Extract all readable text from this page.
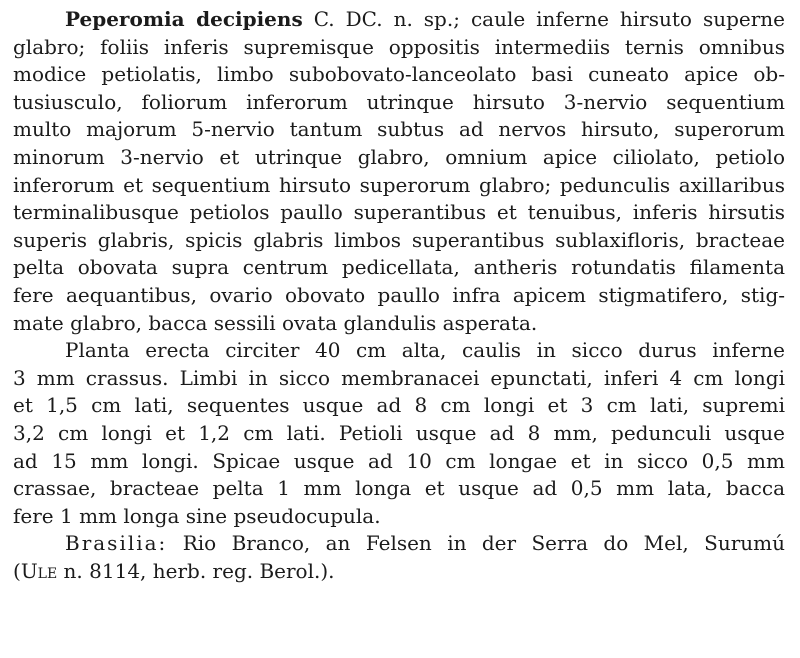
Peperomia decipiens C. DC. n. sp.; caule inferne hirsuto superne
glabro; foliis inferis supremisque oppositis intermediis ternis omnibus
modice petiolatis, limbo subobovato-lanceolato basi cuneato apice ob-
tusiusculo, foliorum inferorum utrinque hirsuto 3-nervio sequentium
multo majorum 5-nervio tantum subtus ad nervos hirsuto, superorum
minorum 3-nervio et utrinque glabro, omnium apice ciliolato, petiolo
inferorum et sequentium hirsuto superorum glabro; pedunculis axillaribus
terminalibusque petiolos paullo superantibus et tenuibus, inferis hirsutis
superis glabris, spicis glabris limbos superantibus sublaxifloris, bracteae
pelta obovata supra centrum pedicellata, antheris rotundatis filamenta
fere aequantibus, ovario obovato paullo infra apicem stigmatifero, stig-
mate glabro, bacca sessili ovata glandulis asperata.
Planta erecta circiter 40 cm alta, caulis in sicco durus inferne
3 mm crassus. Limbi in sicco membranacei epunctati, inferi 4 cm longi
et 1,5 cm lati, sequentes usque ad 8 cm longi et 3 cm lati, supremi
3,2 cm longi et 1,2 cm lati. Petioli usque ad 8 mm, pedunculi usque
ad 15 mm longi. Spicae usque ad 10 cm longae et in sicco 0,5 mm
crassae, bracteae pelta 1 mm longa et usque ad 0,5 mm lata, bacca
fere 1 mm longa sine pseudocupula.
Brasilia: Rio Branco, an Felsen in der Serra do Mel, Surumú
(Ule n. 8114, herb. reg. Berol.).
